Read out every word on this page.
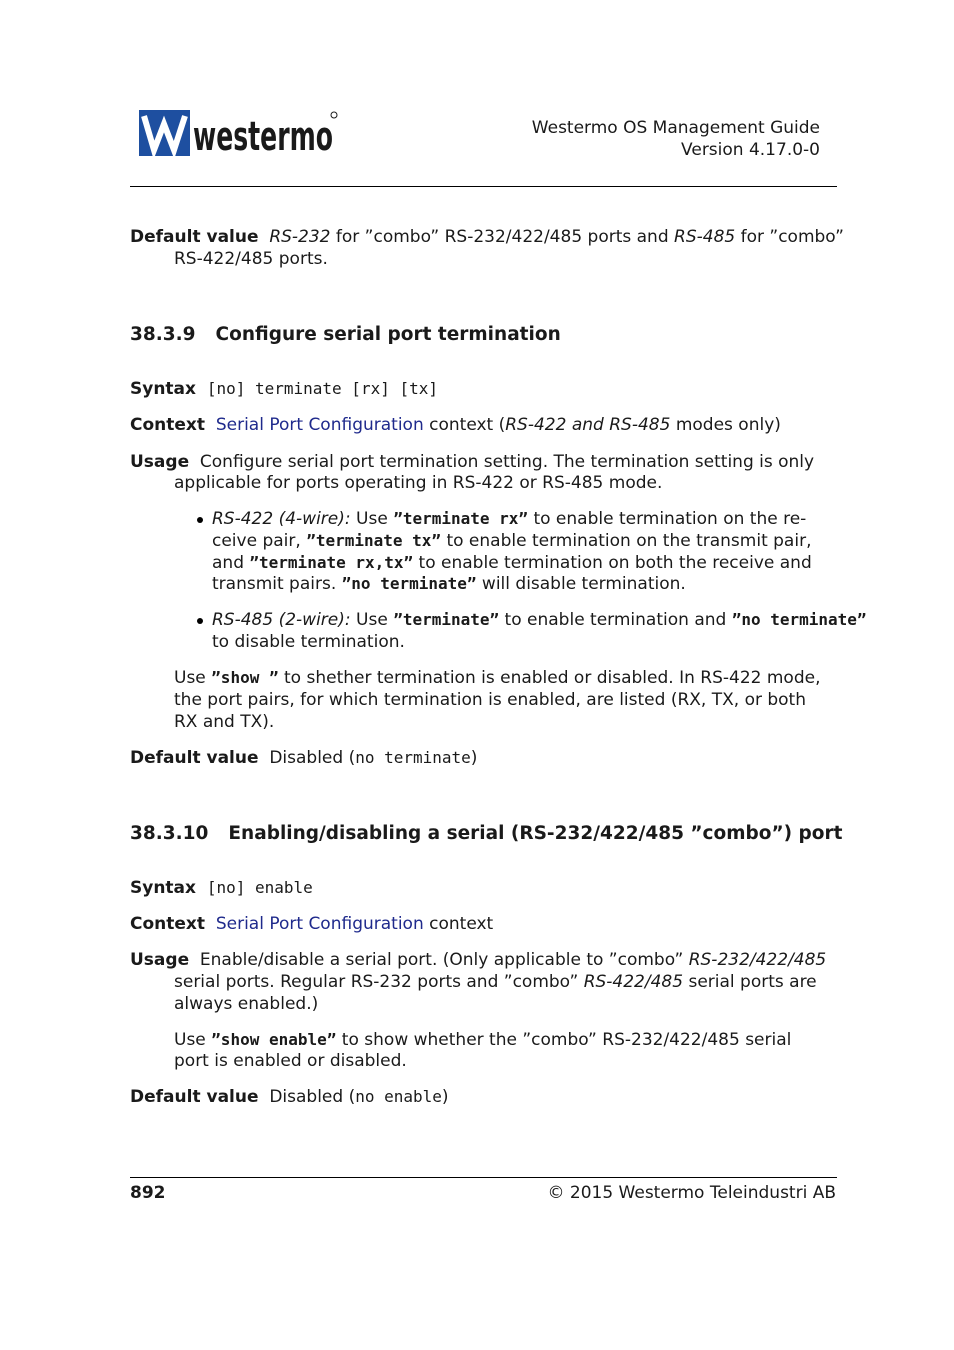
westermo	Westermo OS Management Guide
Version 4.17.0-0
Default value RS-232 for ”combo” RS-232/422/485 ports and RS-485 for ”combo”
RS-422/485 ports.
38.3.9 Configure serial port termination
Syntax [no] terminate [rx] [tx]
Context Serial Port Configuration context (RS-422 and RS-485 modes only)
Usage Configure serial port termination setting. The termination setting is only
applicable for ports operating in RS-422 or RS-485 mode.
RS-422 (4-wire): Use ”terminate rx” to enable termination on the re-
ceive pair, ”terminate tx” to enable termination on the transmit pair,
and ”terminate rx,tx” to enable termination on both the receive and
transmit pairs. ”no terminate” will disable termination.
RS-485 (2-wire): Use ”terminate” to enable termination and ”no terminate”
to disable termination.
Use ”show ” to shether termination is enabled or disabled. In RS-422 mode,
the port pairs, for which termination is enabled, are listed (RX, TX, or both
RX and TX).
Default value Disabled (no terminate)
38.3.10 Enabling/disabling a serial (RS-232/422/485 ”combo”) port
Syntax [no] enable
Context Serial Port Configuration context
Usage Enable/disable a serial port. (Only applicable to ”combo” RS-232/422/485
serial ports. Regular RS-232 ports and ”combo” RS-422/485 serial ports are
always enabled.)
Use ”show enable” to show whether the ”combo” RS-232/422/485 serial
port is enabled or disabled.
Default value Disabled (no enable)
892	© 2015 Westermo Teleindustri AB
